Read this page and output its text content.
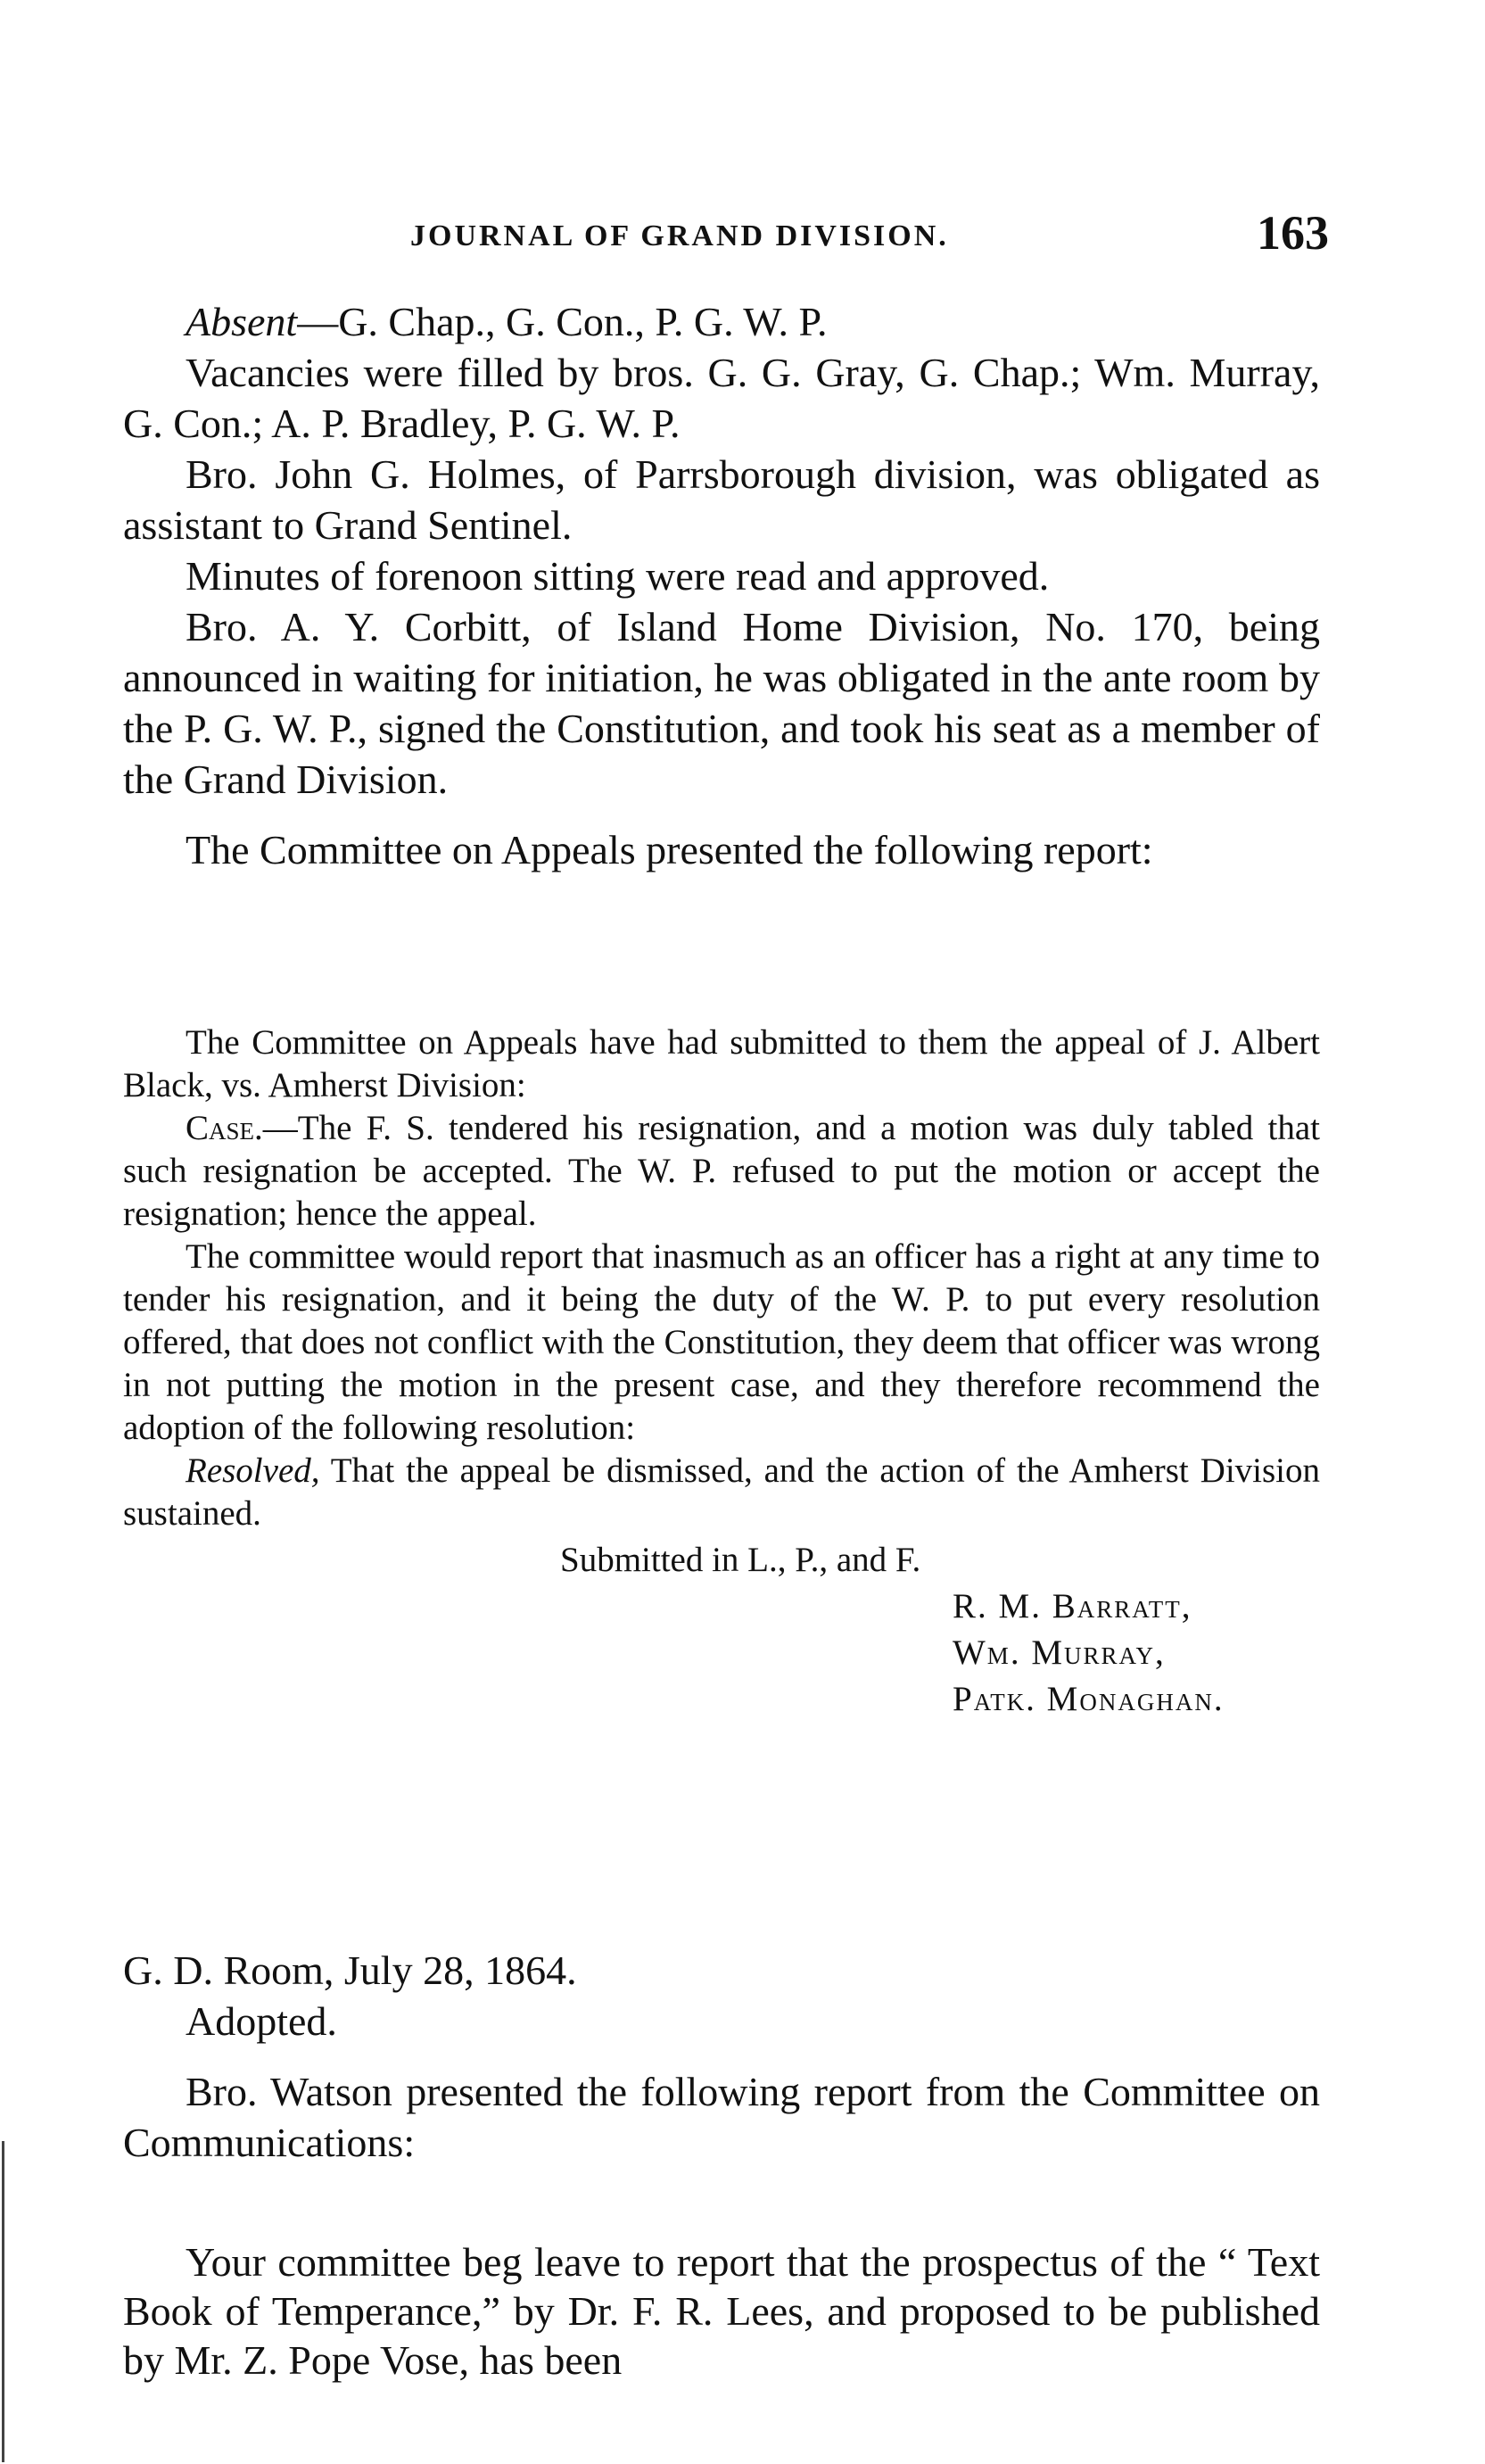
JOURNAL OF GRAND DIVISION.	163

Absent—G. Chap., G. Con., P. G. W. P.

Vacancies were filled by bros. G. G. Gray, G. Chap.; Wm. Murray, G. Con.; A. P. Bradley, P. G. W. P.

Bro. John G. Holmes, of Parrsborough division, was obligated as assistant to Grand Sentinel.

Minutes of forenoon sitting were read and approved.

Bro. A. Y. Corbitt, of Island Home Division, No. 170, being announced in waiting for initiation, he was obligated in the ante room by the P. G. W. P., signed the Constitution, and took his seat as a member of the Grand Division.

The Committee on Appeals presented the following report:

The Committee on Appeals have had submitted to them the appeal of J. Albert Black, vs. Amherst Division:

Case.—The F. S. tendered his resignation, and a motion was duly tabled that such resignation be accepted. The W. P. refused to put the motion or accept the resignation; hence the appeal.

The committee would report that inasmuch as an officer has a right at any time to tender his resignation, and it being the duty of the W. P. to put every resolution offered, that does not conflict with the Constitution, they deem that officer was wrong in not putting the motion in the present case, and they therefore recommend the adoption of the following resolution:

Resolved, That the appeal be dismissed, and the action of the Amherst Division sustained.

Submitted in L., P., and F.
R. M. Barratt,
Wm. Murray,
Patk. Monaghan.

G. D. Room, July 28, 1864.

Adopted.

Bro. Watson presented the following report from the Committee on Communications:

Your committee beg leave to report that the prospectus of the “ Text Book of Temperance,” by Dr. F. R. Lees, and proposed to be published by Mr. Z. Pope Vose, has been
